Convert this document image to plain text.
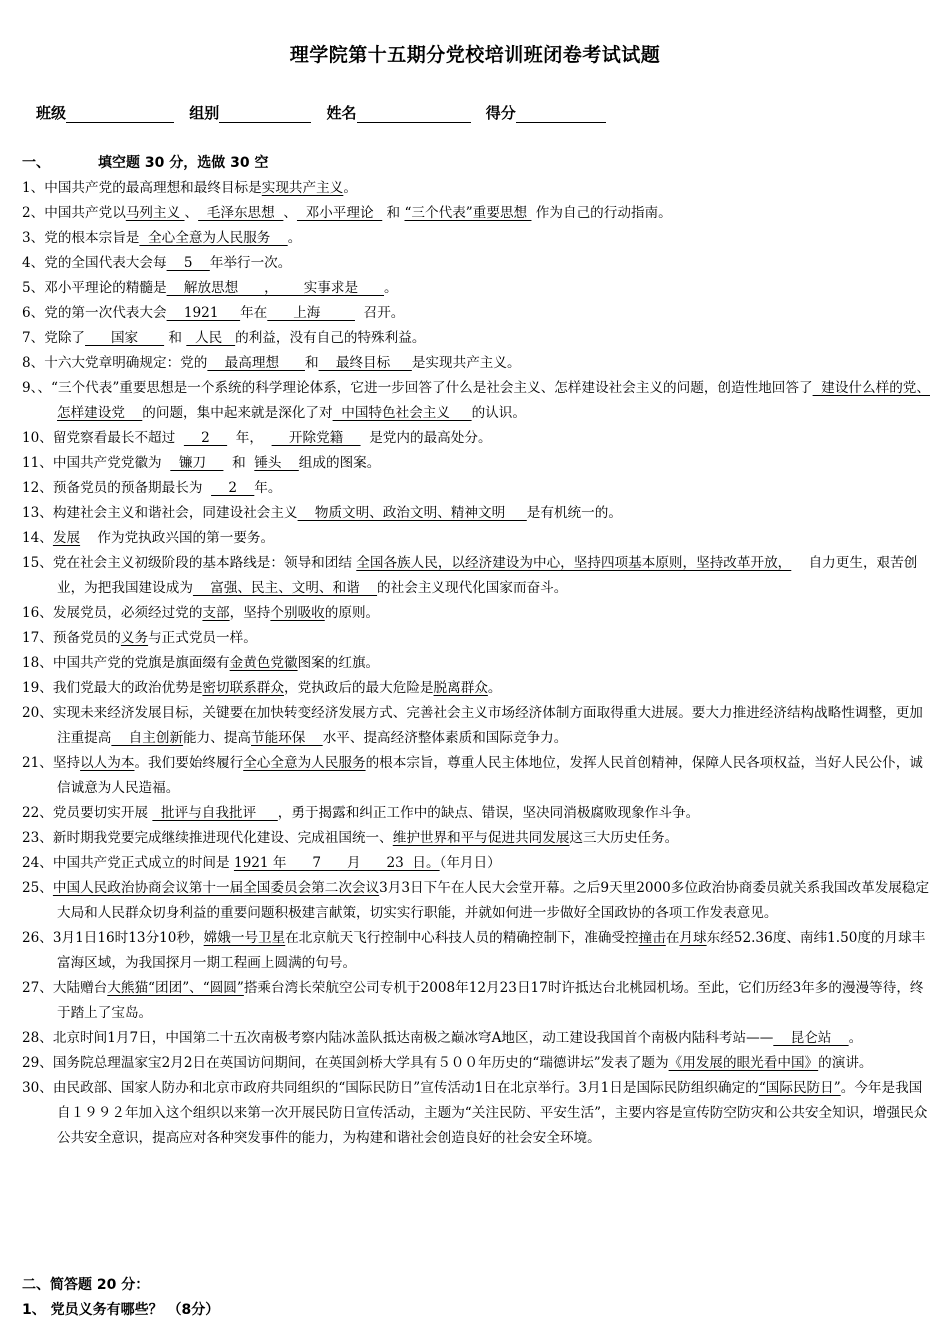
理学院第十五期分党校培训班闭卷考试试题
班级	组别	姓名	得分
一、	填空题 30 分，选做 30 空
1、中国共产党的最高理想和最终目标是实现共产主义。
2、中国共产党以马列主义 、  毛泽东思想  、  邓小平理论   和 “三个代表”重要思想  作为自己的行动指南。
3、党的根本宗旨是  全心全意为人民服务    。
4、党的全国代表大会每    5    年举行一次。
5、邓小平理论的精髓是    解放思想      ，      实事求是      。
6、党的第一次代表大会    1921     年在      上海          召开。
7、党除了      国家       和   人民   的利益，没有自己的特殊利益。
8、十六大党章明确规定：党的    最高理想      和    最终目标     是实现共产主义。
9、、“三个代表”重要思想是一个系统的科学理论体系，它进一步回答了什么是社会主义、怎样建设社会主义的问题，创造性地回答了  建设什么样的党、怎样建设党    的问题，集中起来就是深化了对  中国特色社会主义     的认识。
10、留党察看最长不超过      2      年，      开除党籍      是党内的最高处分。
11、中国共产党党徽为    镰刀      和  锤头    组成的图案。
12、预备党员的预备期最长为      2    年。
13、构建社会主义和谐社会，同建设社会主义    物质文明、政治文明、精神文明     是有机统一的。
14、发展    作为党执政兴国的第一要务。
15、党在社会主义初级阶段的基本路线是：领导和团结 全国各族人民，以经济建设为中心，坚持四项基本原则，坚持改革开放，    自力更生，艰苦创业，为把我国建设成为    富强、民主、文明、和谐    的社会主义现代化国家而奋斗。
16、发展党员，必须经过党的支部，坚持个别吸收的原则。
17、预备党员的义务与正式党员一样。
18、中国共产党的党旗是旗面缀有金黄色党徽图案的红旗。
19、我们党最大的政治优势是密切联系群众，党执政后的最大危险是脱离群众。
20、实现未来经济发展目标，关键要在加快转变经济发展方式、完善社会主义市场经济体制方面取得重大进展。要大力推进经济结构战略性调整，更加注重提高    自主创新能力、提高节能环保    水平、提高经济整体素质和国际竞争力。
21、坚持以人为本。我们要始终履行全心全意为人民服务的根本宗旨，尊重人民主体地位，发挥人民首创精神，保障人民各项权益，当好人民公仆，诚信诚意为人民造福。
22、党员要切实开展   批评与自我批评     ，勇于揭露和纠正工作中的缺点、错误，坚决同消极腐败现象作斗争。
23、新时期我党要完成继续推进现代化建设、完成祖国统一、维护世界和平与促进共同发展这三大历史任务。
24、中国共产党正式成立的时间是 1921 年      7      月      23  日。（年月日）
25、中国人民政治协商会议第十一届全国委员会第二次会议3月3日下午在人民大会堂开幕。之后9天里2000多位政治协商委员就关系我国改革发展稳定大局和人民群众切身利益的重要问题积极建言献策，切实实行职能，并就如何进一步做好全国政协的各项工作发表意见。
26、3月1日16时13分10秒，嫦娥一号卫星在北京航天飞行控制中心科技人员的精确控制下，准确受控撞击在月球东经52.36度、南纬1.50度的月球丰富海区域，为我国探月一期工程画上圆满的句号。
27、大陆赠台大熊猫“团团”、“圆圆”搭乘台湾长荣航空公司专机于2008年12月23日17时许抵达台北桃园机场。至此，它们历经3年多的漫漫等待，终于踏上了宝岛。
28、北京时间1月7日，中国第二十五次南极考察内陆冰盖队抵达南极之巅冰穹A地区，动工建设我国首个南极内陆科考站——    昆仑站    。
29、国务院总理温家宝2月2日在英国访问期间，在英国剑桥大学具有５００年历史的“瑞德讲坛”发表了题为《用发展的眼光看中国》的演讲。
30、由民政部、国家人防办和北京市政府共同组织的“国际民防日”宣传活动1日在北京举行。3月1日是国际民防组织确定的“国际民防日”。今年是我国自１９９２年加入这个组织以来第一次开展民防日宣传活动，主题为“关注民防、平安生活”，主要内容是宣传防空防灾和公共安全知识，增强民众公共安全意识，提高应对各种突发事件的能力，为构建和谐社会创造良好的社会安全环境。
二、简答题 20 分：
1、 党员义务有哪些？ （8分）
